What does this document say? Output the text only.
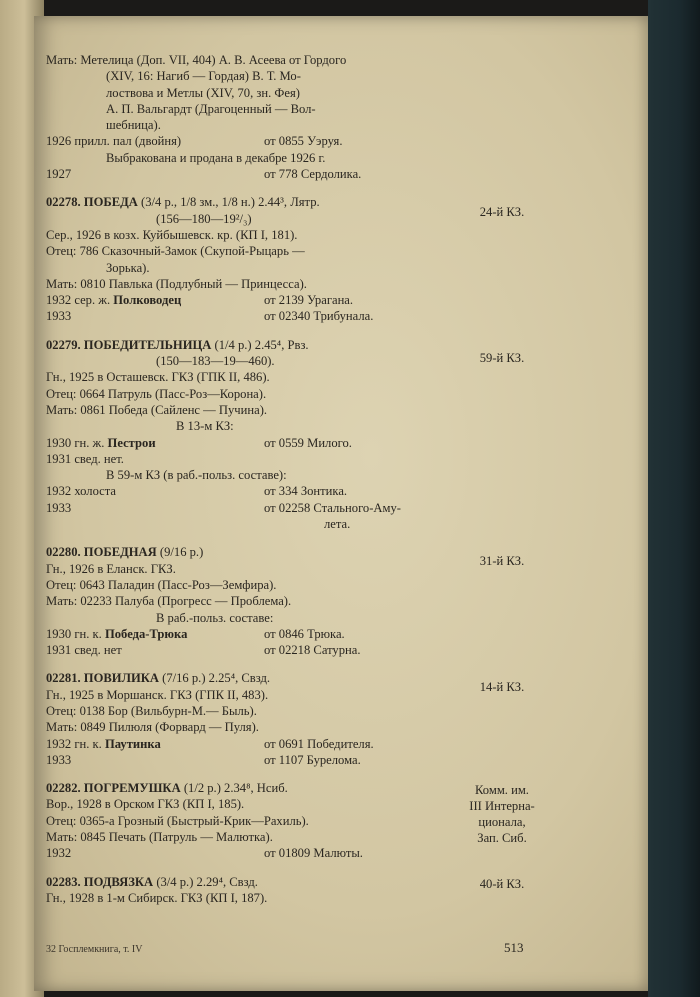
Мать: Метелица (Доп. VII, 404) А. В. Асеева от Гордого
(XIV, 16: Нагиб — Гордая) В. Т. Мо-
лоствова и Метлы (XIV, 70, зн. Фея)
А. П. Вальгардт (Драгоценный — Вол-
шебница).
1926 прилл. пал (двойня)	от 0855 Уэруя.
Выбракована и продана в декабре 1926 г.
1927	от 778 Сердолика.
02278. ПОБЕДА (3/4 р., 1/8 зм., 1/8 н.) 2.44³, Лятр.
(156—180—19²/₃)
Сер., 1926 в козх. Куйбышевск. кр. (КП I, 181).
Отец: 786 Сказочный-Замок (Скупой-Рыцарь —
Зорька).
Мать: 0810 Павлька (Подлубный — Принцесса).
1932 сер. ж. Полководец	от 2139 Урагана.
1933	от 02340 Трибунала.
02279. ПОБЕДИТЕЛЬНИЦА (1/4 р.) 2.45⁴, Рвз.
(150—183—19—460).
Гн., 1925 в Осташевск. ГКЗ (ГПК II, 486).
Отец: 0664 Патруль (Пасс-Роз—Корона).
Мать: 0861 Победа (Сайленс — Пучина).
В 13-м КЗ:
1930 гн. ж. Пестрои	от 0559 Милого.
1931 свед. нет.
В 59-м КЗ (в раб.-польз. составе):
1932 холоста	от 334 Зонтика.
1933	от 02258 Стального-Аму-
лета.

02280. ПОБЕДНАЯ (9/16 р.)
Гн., 1926 в Еланск. ГКЗ.
Отец: 0643 Паладин (Пасс-Роз—Земфира).
Мать: 02233 Палуба (Прогресс — Проблема).
В раб.-польз. составе:
1930 гн. к. Победа-Трюка	от 0846 Трюка.
1931 свед. нет	от 02218 Сатурна.
02281. ПОВИЛИКА (7/16 р.) 2.25⁴, Свзд.
Гн., 1925 в Моршанск. ГКЗ (ГПК II, 483).
Отец: 0138 Бор (Вильбурн-М.— Быль).
Мать: 0849 Пилюля (Форвард — Пуля).
1932 гн. к. Паутинка	от 0691 Победителя.
1933	от 1107 Бурелома.
02282. ПОГРЕМУШКА (1/2 р.) 2.34⁸, Нсиб.
Вор., 1928 в Орском ГКЗ (КП I, 185).
Отец: 0365-а Грозный (Быстрый-Крик—Рахиль).
Мать: 0845 Печать (Патруль — Малютка).
1932	от 01809 Малюты.
02283. ПОДВЯЗКА (3/4 р.) 2.29⁴, Свзд.
Гн., 1928 в 1-м Сибирск. ГКЗ (КП I, 187).
24-й КЗ.
59-й КЗ.
31-й КЗ.
14-й КЗ.
Комм. им.
III Интерна-
ционала,
Зап. Сиб.
40-й КЗ.
32 Госплемкнига, т. IV	513
